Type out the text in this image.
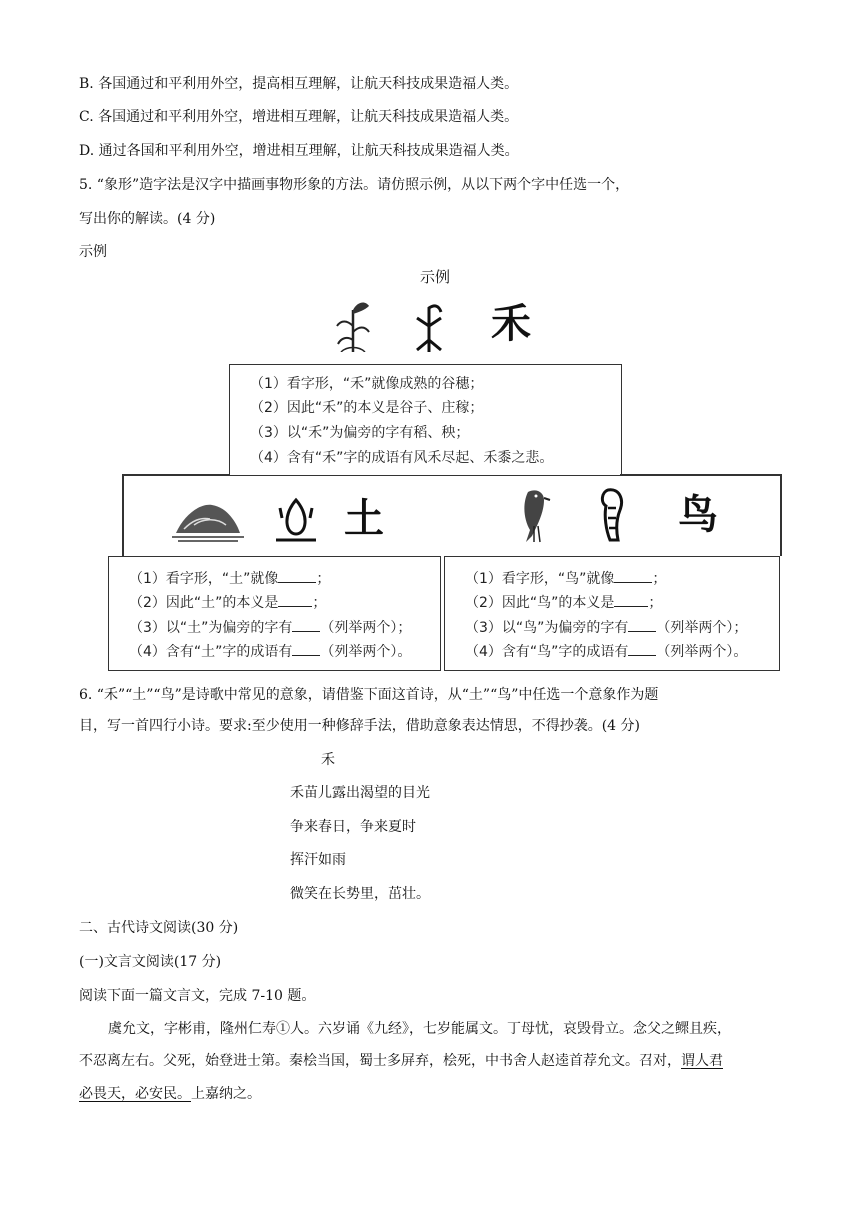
B. 各国通过和平利用外空，提高相互理解，让航天科技成果造福人类。
C. 各国通过和平利用外空，增进相互理解，让航天科技成果造福人类。
D. 通过各国和平利用外空，增进相互理解，让航天科技成果造福人类。
5. “象形”造字法是汉字中描画事物形象的方法。请仿照示例，从以下两个字中任选一个，
写出你的解读。(4 分)
示例
示例
禾
（1）看字形，“禾”就像成熟的谷穗；
（2）因此“禾”的本义是谷子、庄稼；
（3）以“禾”为偏旁的字有稻、秧；
（4）含有“禾”字的成语有风禾尽起、禾黍之悲。
土	鸟
（1）看字形，“土”就像	；
（2）因此“土”的本义是 ；
（3）以“土”为偏旁的字有 （列举两个）；
（4）含有“土”字的成语有 （列举两个）。
（1）看字形，“鸟”就像	；
（2）因此“鸟”的本义是 ；
（3）以“鸟”为偏旁的字有 （列举两个）；
（4）含有“鸟”字的成语有 （列举两个）。
6. “禾”“土”“鸟”是诗歌中常见的意象，请借鉴下面这首诗，从“土”“鸟”中任选一个意象作为题
目，写一首四行小诗。要求:至少使用一种修辞手法，借助意象表达情思，不得抄袭。(4 分)
禾
禾苗儿露出渴望的目光
争来春日，争来夏时
挥汗如雨
微笑在长势里，茁壮。
二、古代诗文阅读(30 分)
(一)文言文阅读(17 分)
阅读下面一篇文言文，完成 7-10 题。
虞允文，字彬甫，隆州仁寿①人。六岁诵《九经》，七岁能属文。丁母忧，哀毁骨立。念父之鳏且疾，
不忍离左右。父死，始登进士第。秦桧当国，蜀士多屏弃，桧死，中书舍人赵逵首荐允文。召对，谓人君
必畏天，必安民。上嘉纳之。
